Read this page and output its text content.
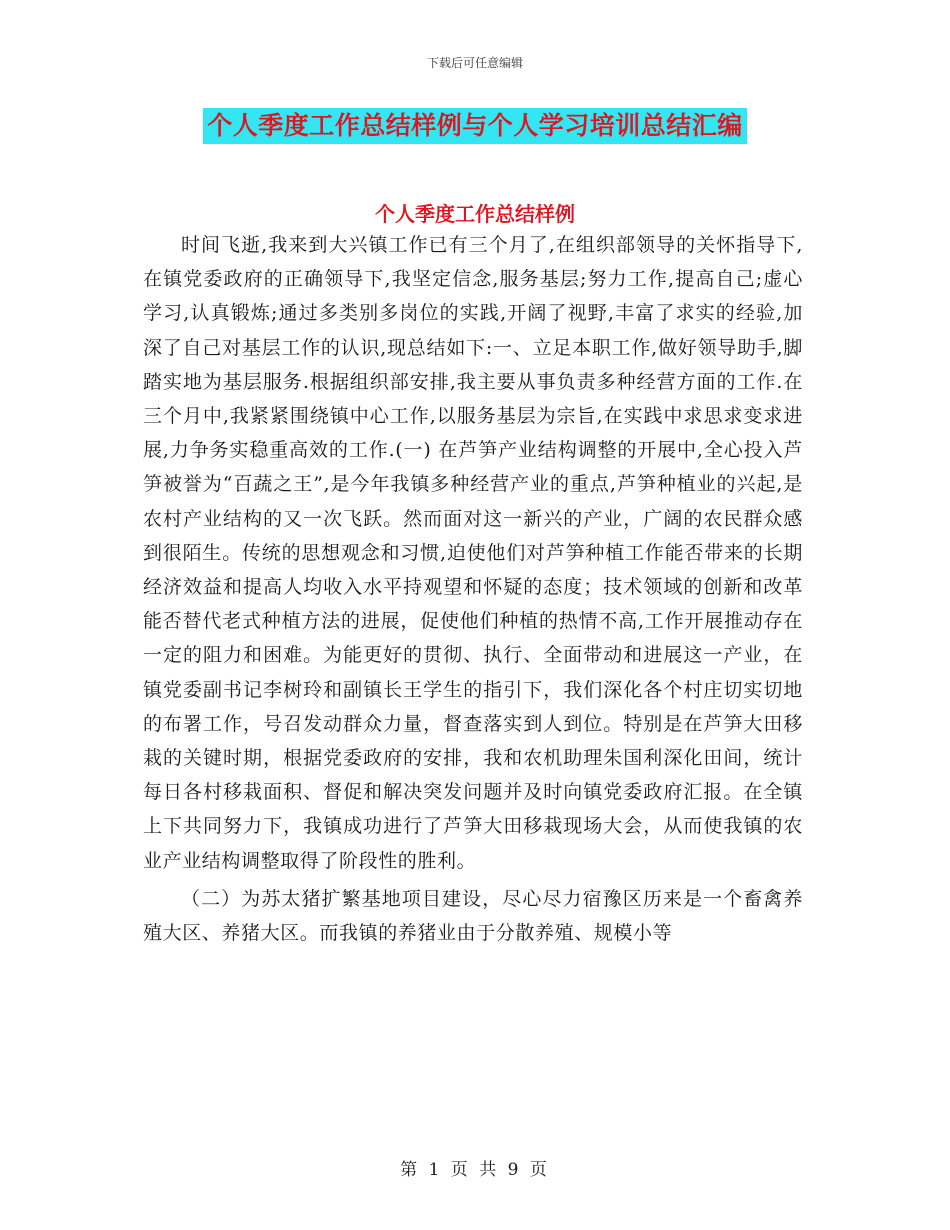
下载后可任意编辑
个人季度工作总结样例与个人学习培训总结汇编
个人季度工作总结样例

时间飞逝,我来到大兴镇工作已有三个月了,在组织部领导的关怀指导下,在镇党委政府的正确领导下,我坚定信念,服务基层;努力工作,提高自己;虚心学习,认真锻炼;通过多类别多岗位的实践,开阔了视野,丰富了求实的经验,加深了自己对基层工作的认识,现总结如下:一、立足本职工作,做好领导助手,脚踏实地为基层服务.根据组织部安排,我主要从事负责多种经营方面的工作.在三个月中,我紧紧围绕镇中心工作,以服务基层为宗旨,在实践中求思求变求进展,力争务实稳重高效的工作.(一) 在芦笋产业结构调整的开展中,全心投入芦笋被誉为“百蔬之王”,是今年我镇多种经营产业的重点,芦笋种植业的兴起,是农村产业结构的又一次飞跃。然而面对这一新兴的产业，广阔的农民群众感到很陌生。传统的思想观念和习惯,迫使他们对芦笋种植工作能否带来的长期经济效益和提高人均收入水平持观望和怀疑的态度；技术领域的创新和改革能否替代老式种植方法的进展，促使他们种植的热情不高,工作开展推动存在一定的阻力和困难。为能更好的贯彻、执行、全面带动和进展这一产业，在镇党委副书记李树玲和副镇长王学生的指引下，我们深化各个村庄切实切地的布署工作，号召发动群众力量，督查落实到人到位。特别是在芦笋大田移栽的关键时期，根据党委政府的安排，我和农机助理朱国利深化田间，统计每日各村移栽面积、督促和解决突发问题并及时向镇党委政府汇报。在全镇上下共同努力下，我镇成功进行了芦笋大田移栽现场大会，从而使我镇的农业产业结构调整取得了阶段性的胜利。

（二）为苏太猪扩繁基地项目建设，尽心尽力宿豫区历来是一个畜禽养殖大区、养猪大区。而我镇的养猪业由于分散养殖、规模小等

第 1 页 共 9 页
